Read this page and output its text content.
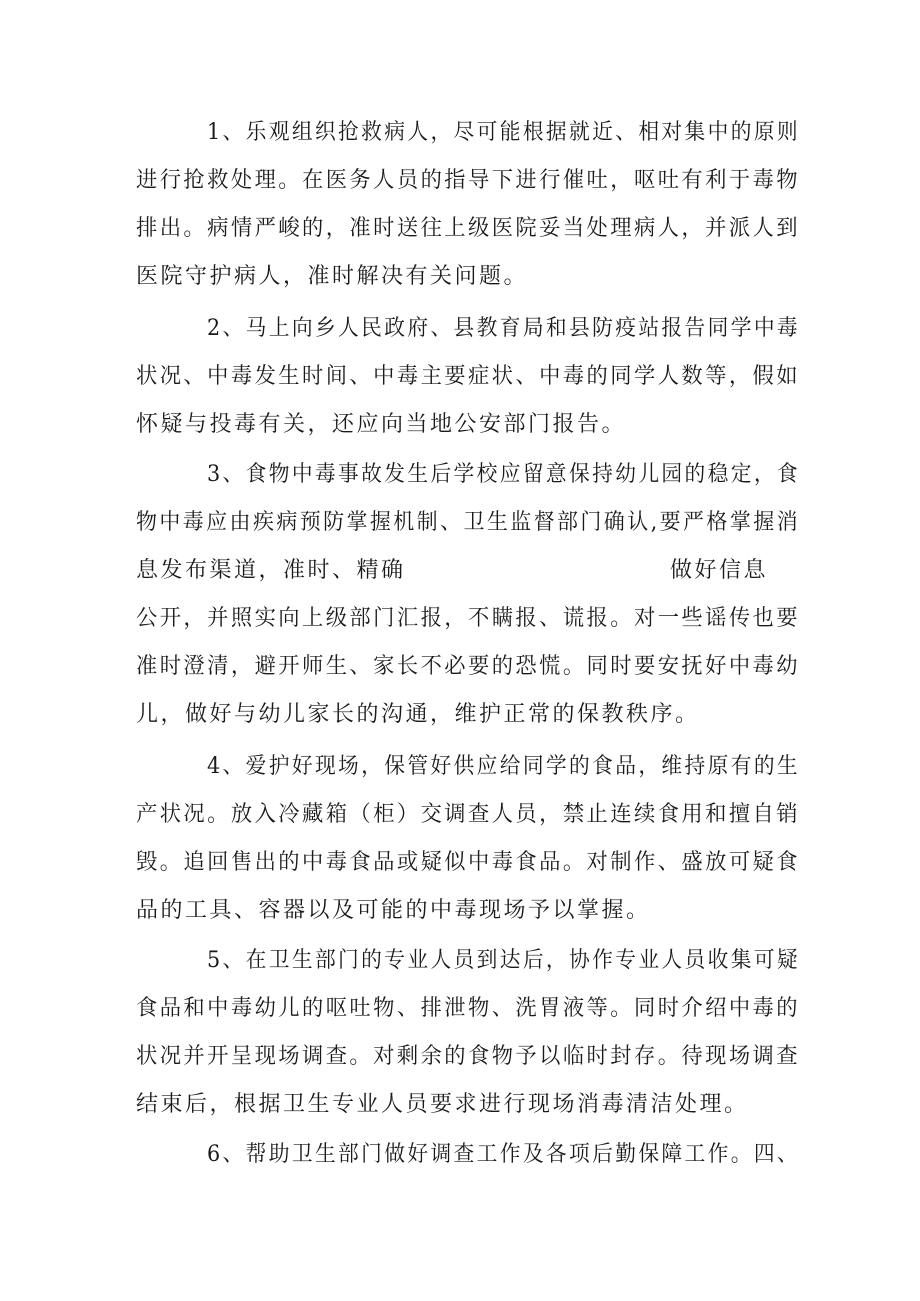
1、乐观组织抢救病人，尽可能根据就近、相对集中的原则
进行抢救处理。在医务人员的指导下进行催吐，呕吐有利于毒物
排出。病情严峻的，准时送往上级医院妥当处理病人，并派人到
医院守护病人，准时解决有关问题。
2、马上向乡人民政府、县教育局和县防疫站报告同学中毒
状况、中毒发生时间、中毒主要症状、中毒的同学人数等，假如
怀疑与投毒有关，还应向当地公安部门报告。
3、食物中毒事故发生后学校应留意保持幼儿园的稳定，食
物中毒应由疾病预防掌握机制、卫生监督部门确认,要严格掌握消
息发布渠道，准时、精确	做好信息
公开，并照实向上级部门汇报，不瞒报、谎报。对一些谣传也要
准时澄清，避开师生、家长不必要的恐慌。同时要安抚好中毒幼
儿，做好与幼儿家长的沟通，维护正常的保教秩序。
4、爱护好现场，保管好供应给同学的食品，维持原有的生
产状况。放入冷藏箱（柜）交调查人员，禁止连续食用和擅自销
毁。追回售出的中毒食品或疑似中毒食品。对制作、盛放可疑食
品的工具、容器以及可能的中毒现场予以掌握。
5、在卫生部门的专业人员到达后，协作专业人员收集可疑
食品和中毒幼儿的呕吐物、排泄物、洗胃液等。同时介绍中毒的
状况并开呈现场调查。对剩余的食物予以临时封存。待现场调查
结束后，根据卫生专业人员要求进行现场消毒清洁处理。
6、帮助卫生部门做好调查工作及各项后勤保障工作。四、
